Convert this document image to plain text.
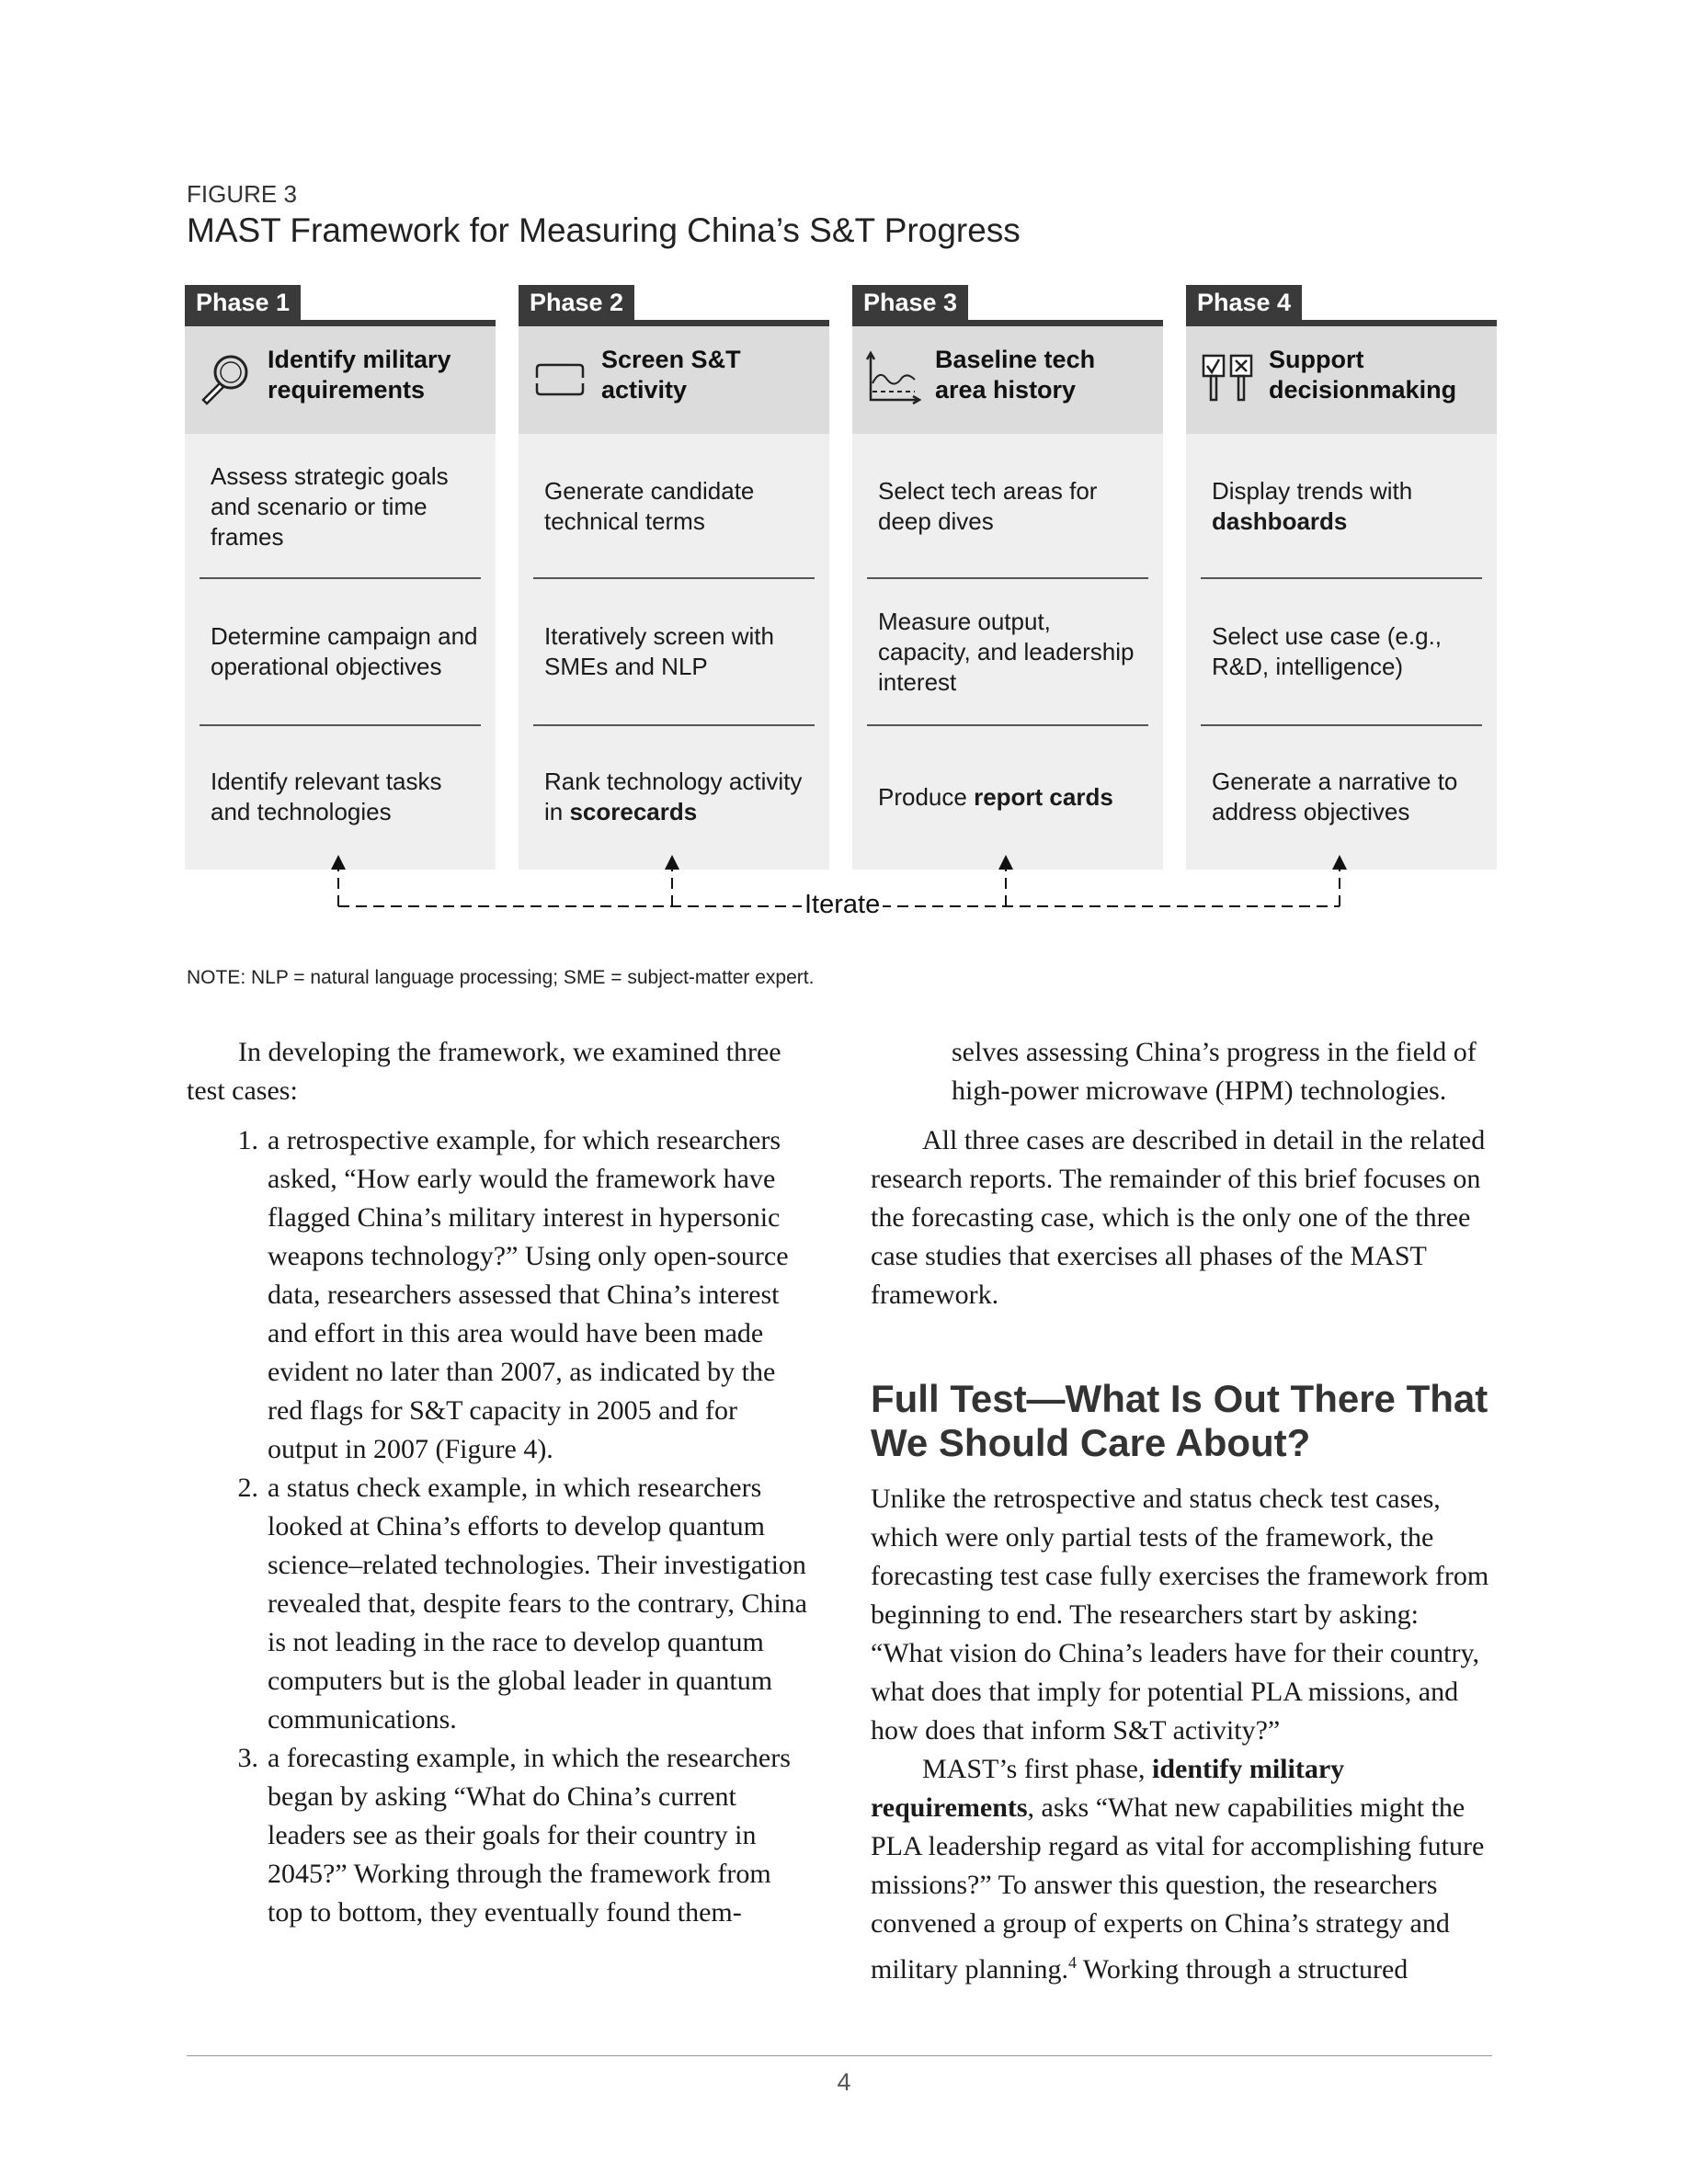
FIGURE 3
MAST Framework for Measuring China’s S&T Progress
Phase 1
Identify military
requirements
Assess strategic goals and scenario or time frames
Determine campaign and operational objectives
Identify relevant tasks and technologies
Phase 2
Screen S&T
activity
Generate candidate technical terms
Iteratively screen with SMEs and NLP
Rank technology activity in scorecards
Phase 3
Baseline tech
area history
Select tech areas for deep dives
Measure output, capacity, and leadership interest
Produce report cards
Phase 4
Support
decisionmaking
Display trends with
dashboards
Select use case (e.g., R&D, intelligence)
Generate a narrative to address objectives
Iterate
NOTE: NLP = natural language processing; SME = subject-matter expert.

In developing the framework, we examined three test cases:

1. a retrospective example, for which researchers asked, “How early would the framework have flagged China’s military interest in hypersonic weapons technology?” Using only open-source data, researchers assessed that China’s interest and effort in this area would have been made evident no later than 2007, as indicated by the red flags for S&T capacity in 2005 and for output in 2007 (Figure 4).
2. a status check example, in which researchers looked at China’s efforts to develop quantum science–related technologies. Their investigation revealed that, despite fears to the contrary, China is not leading in the race to develop quantum computers but is the global leader in quantum communications.
3. a forecasting example, in which the researchers began by asking “What do China’s current leaders see as their goals for their country in 2045?” Working through the framework from top to bottom, they eventually found them-

selves assessing China’s progress in the field of high-power microwave (HPM) technologies.

All three cases are described in detail in the related research reports. The remainder of this brief focuses on the forecasting case, which is the only one of the three case studies that exercises all phases of the MAST framework.

Full Test—What Is Out There That We Should Care About?

Unlike the retrospective and status check test cases, which were only partial tests of the framework, the forecasting test case fully exercises the framework from beginning to end. The researchers start by asking: “What vision do China’s leaders have for their country, what does that imply for potential PLA missions, and how does that inform S&T activity?”

MAST’s first phase, identify military requirements, asks “What new capabilities might the PLA leadership regard as vital for accomplishing future missions?” To answer this question, the researchers convened a group of experts on China’s strategy and military planning.$^4$ Working through a structured

4
